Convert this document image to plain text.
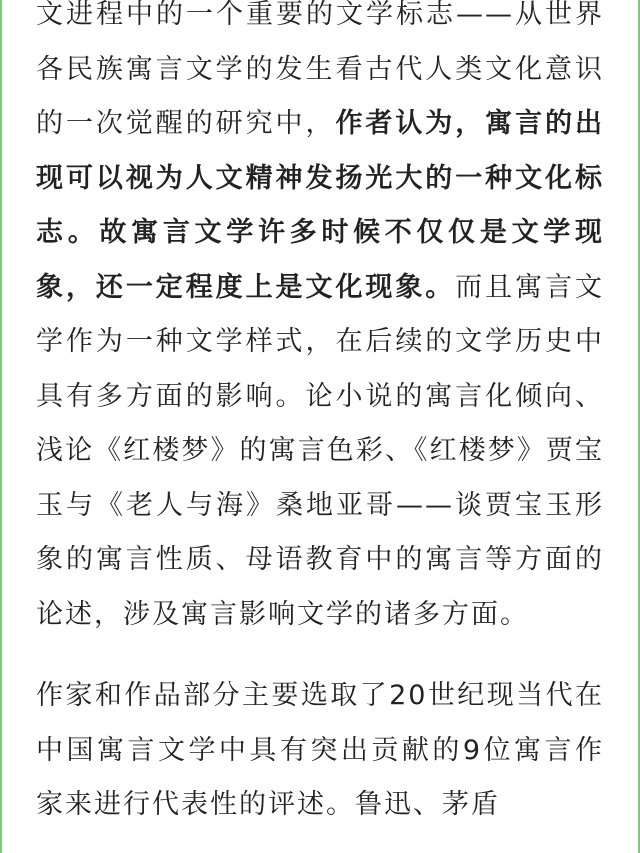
文进程中的一个重要的文学标志——从世界各民族寓言文学的发生看古代人类文化意识的一次觉醒的研究中，作者认为，寓言的出现可以视为人文精神发扬光大的一种文化标志。故寓言文学许多时候不仅仅是文学现象，还一定程度上是文化现象。而且寓言文学作为一种文学样式，在后续的文学历史中具有多方面的影响。论小说的寓言化倾向、浅论《红楼梦》的寓言色彩、《红楼梦》贾宝玉与《老人与海》桑地亚哥——谈贾宝玉形象的寓言性质、母语教育中的寓言等方面的论述，涉及寓言影响文学的诸多方面。

作家和作品部分主要选取了20世纪现当代在中国寓言文学中具有突出贡献的9位寓言作家来进行代表性的评述。鲁迅、茅盾
